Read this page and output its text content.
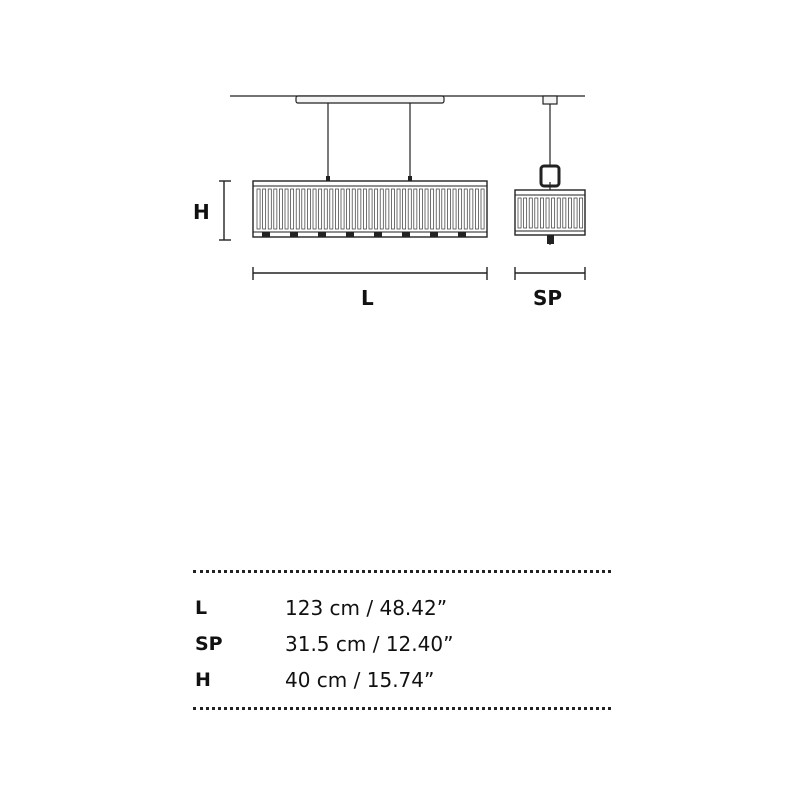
H
L	SP
L	123 cm / 48.42”
SP	31.5 cm / 12.40”
H	40 cm / 15.74”
